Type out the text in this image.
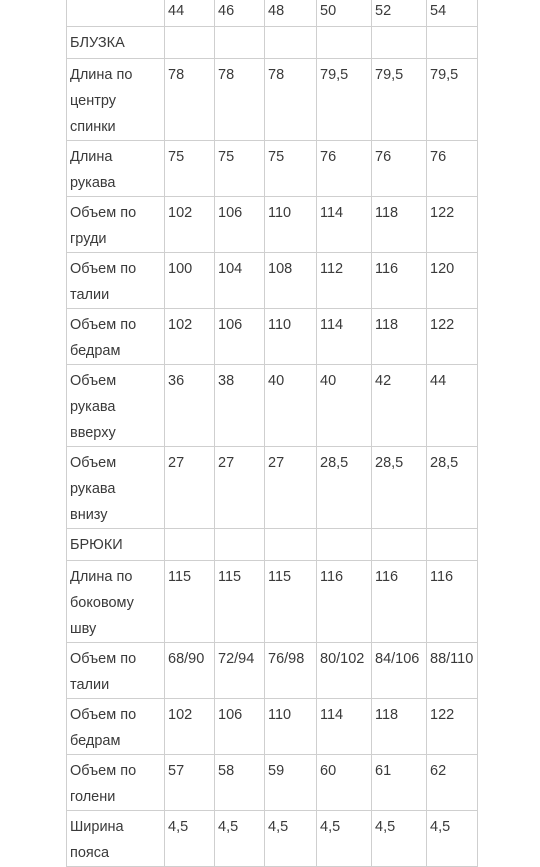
	44	46	48	50	52	54
БЛУЗКА						
Длина по
центру
спинки	78	78	78	79,5	79,5	79,5
Длина
рукава	75	75	75	76	76	76
Объем по
груди	102	106	110	114	118	122
Объем по
талии	100	104	108	112	116	120
Объем по
бедрам	102	106	110	114	118	122
Объем
рукава
вверху	36	38	40	40	42	44
Объем
рукава
внизу	27	27	27	28,5	28,5	28,5
БРЮКИ						
Длина по
боковому
шву	115	115	115	116	116	116
Объем по
талии	68/90	72/94	76/98	80/102	84/106	88/110
Объем по
бедрам	102	106	110	114	118	122
Объем по
голени	57	58	59	60	61	62
Ширина
пояса	4,5	4,5	4,5	4,5	4,5	4,5
